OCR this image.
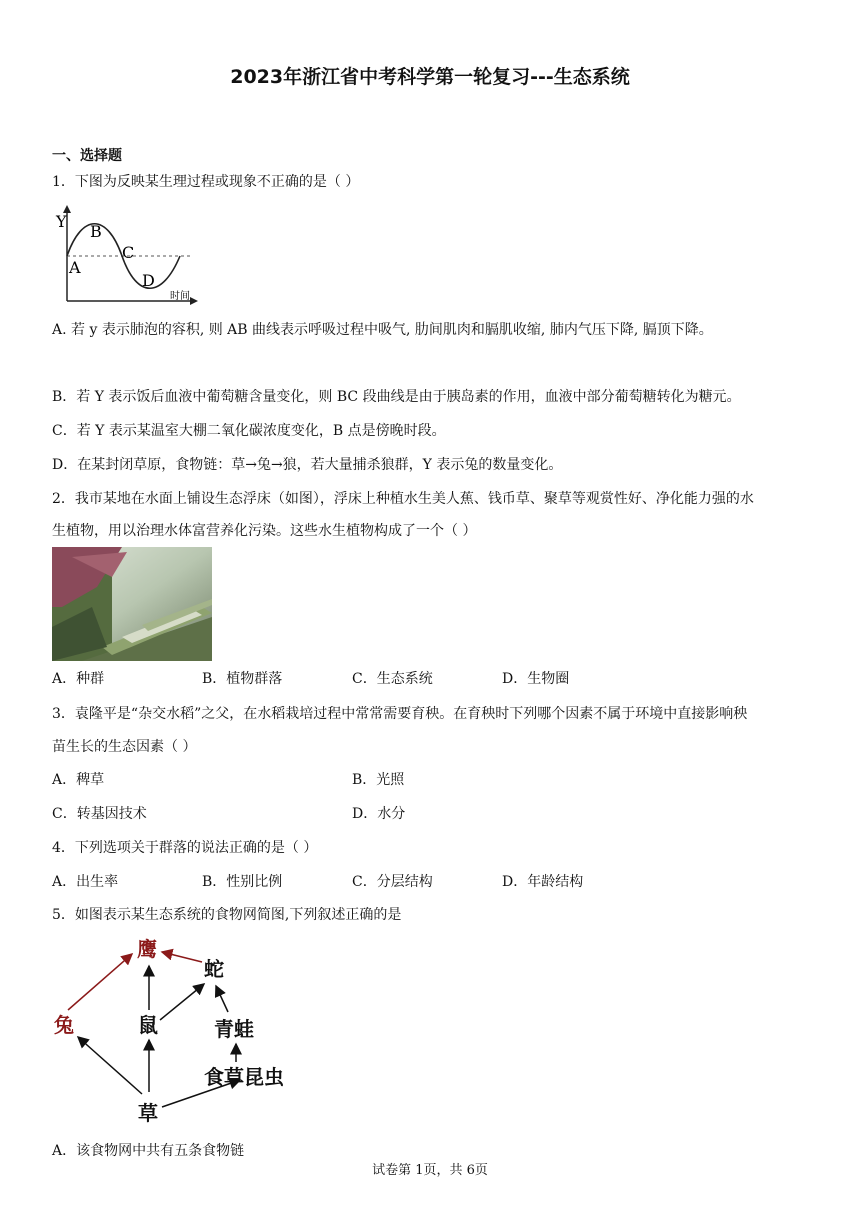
2023年浙江省中考科学第一轮复习---生态系统
一、选择题
1．下图为反映某生理过程或现象不正确的是（ ）
Y
B
C
A
D
时间
A. 若 y 表示肺泡的容积, 则 AB 曲线表示呼吸过程中吸气, 肋间肌肉和膈肌收缩, 肺内气压下降, 膈顶下降。
B．若 Y 表示饭后血液中葡萄糖含量变化，则 BC 段曲线是由于胰岛素的作用，血液中部分葡萄糖转化为糖元。
C．若 Y 表示某温室大棚二氧化碳浓度变化，B 点是傍晚时段。
D．在某封闭草原，食物链：草→兔→狼，若大量捕杀狼群，Y 表示兔的数量变化。
2．我市某地在水面上铺设生态浮床（如图），浮床上种植水生美人蕉、钱币草、聚草等观赏性好、净化能力强的水
生植物，用以治理水体富营养化污染。这些水生植物构成了一个（ ）
A．种群	B．植物群落	C．生态系统	D．生物圈
3．袁隆平是“杂交水稻”之父，在水稻栽培过程中常常需要育秧。在育秧时下列哪个因素不属于环境中直接影响秧
苗生长的生态因素（ ）
A．稗草	B．光照
C．转基因技术	D．水分
4．下列选项关于群落的说法正确的是（ ）
A．出生率	B．性别比例	C．分层结构	D．年龄结构
5．如图表示某生态系统的食物网简图,下列叙述正确的是
鹰
蛇
兔	鼠	青蛙
食草昆虫
草
A．该食物网中共有五条食物链
试卷第 1页，共 6页
